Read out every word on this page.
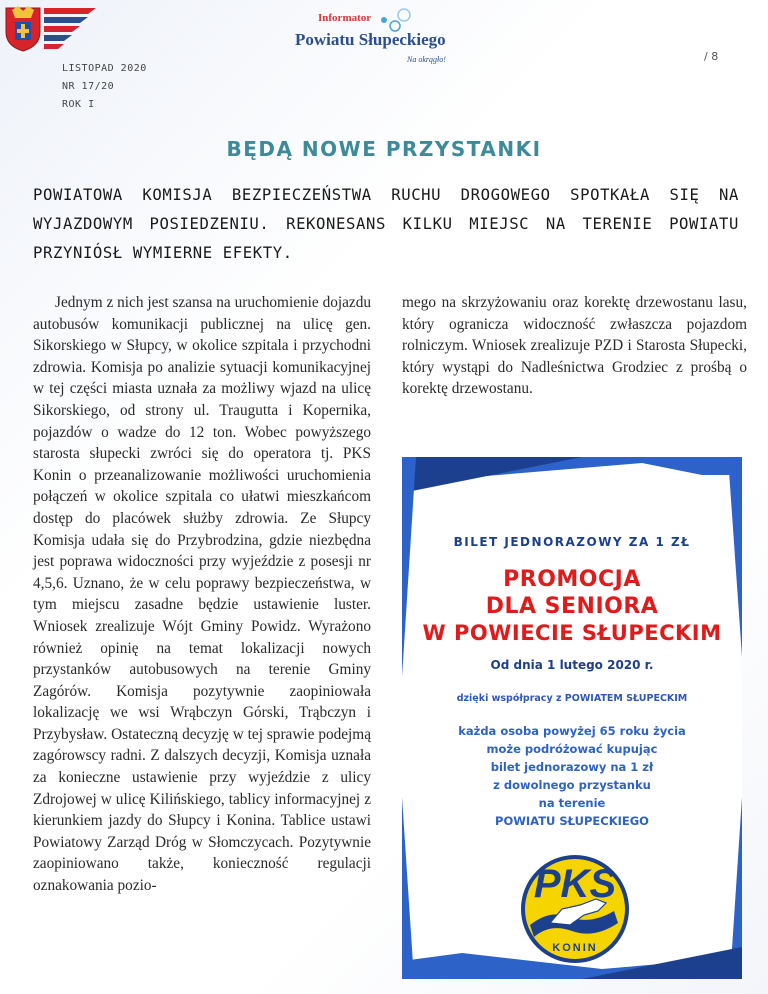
Informator
Powiatu Słupeckiego
Na okrągło!
LISTOPAD 2020
NR 17/20
ROK I
/ 8
BĘDĄ NOWE PRZYSTANKI
POWIATOWA KOMISJA BEZPIECZEŃSTWA RUCHU DROGOWEGO SPOTKAŁA SIĘ NA WYJAZDOWYM POSIEDZENIU. REKONESANS KILKU MIEJSC NA TERENIE POWIATU PRZYNIÓSŁ WYMIERNE EFEKTY.
Jednym z nich jest szansa na uruchomienie dojazdu autobusów komunikacji publicznej na ulicę gen. Sikorskiego w Słupcy, w okolice szpitala i przychodni zdrowia. Komisja po analizie sytuacji komunikacyjnej w tej części miasta uznała za możliwy wjazd na ulicę Sikorskiego, od strony ul. Traugutta i Kopernika, pojazdów o wadze do 12 ton. Wobec powyższego starosta słupecki zwróci się do operatora tj. PKS Konin o przeanalizowanie możliwości uruchomienia połączeń w okolice szpitala co ułatwi mieszkańcom dostęp do placówek służby zdrowia. Ze Słupcy Komisja udała się do Przybrodzina, gdzie niezbędna jest poprawa widoczności przy wyjeździe z posesji nr 4,5,6. Uznano, że w celu poprawy bezpieczeństwa, w tym miejscu zasadne będzie ustawienie luster. Wniosek zrealizuje Wójt Gminy Powidz. Wyrażono również opinię na temat lokalizacji nowych przystanków autobusowych na terenie Gminy Zagórów. Komisja pozytywnie zaopiniowała lokalizację we wsi Wrąbczyn Górski, Trąbczyn i Przybysław. Ostateczną decyzję w tej sprawie podejmą zagórowscy radni. Z dalszych decyzji, Komisja uznała za konieczne ustawienie przy wyjeździe z ulicy Zdrojowej w ulicę Kilińskiego, tablicy informacyjnej z kierunkiem jazdy do Słupcy i Konina. Tablice ustawi Powiatowy Zarząd Dróg w Słomczycach. Pozytywnie zaopiniowano także, konieczność regulacji oznakowania pozio-
mego na skrzyżowaniu oraz korektę drzewostanu lasu, który ogranicza widoczność zwłaszcza pojazdom rolniczym. Wniosek zrealizuje PZD i Starosta Słupecki, który wystąpi do Nadleśnictwa Grodziec z prośbą o korektę drzewostanu.
BILET JEDNORAZOWY ZA 1 ZŁ
PROMOCJA
DLA SENIORA
W POWIECIE SŁUPECKIM
Od dnia 1 lutego 2020 r.
dzięki współpracy z POWIATEM SŁUPECKIM
każda osoba powyżej 65 roku życia
może podróżować kupując
bilet jednorazowy na 1 zł
z dowolnego przystanku
na terenie
POWIATU SŁUPECKIEGO
PKS
KONIN
